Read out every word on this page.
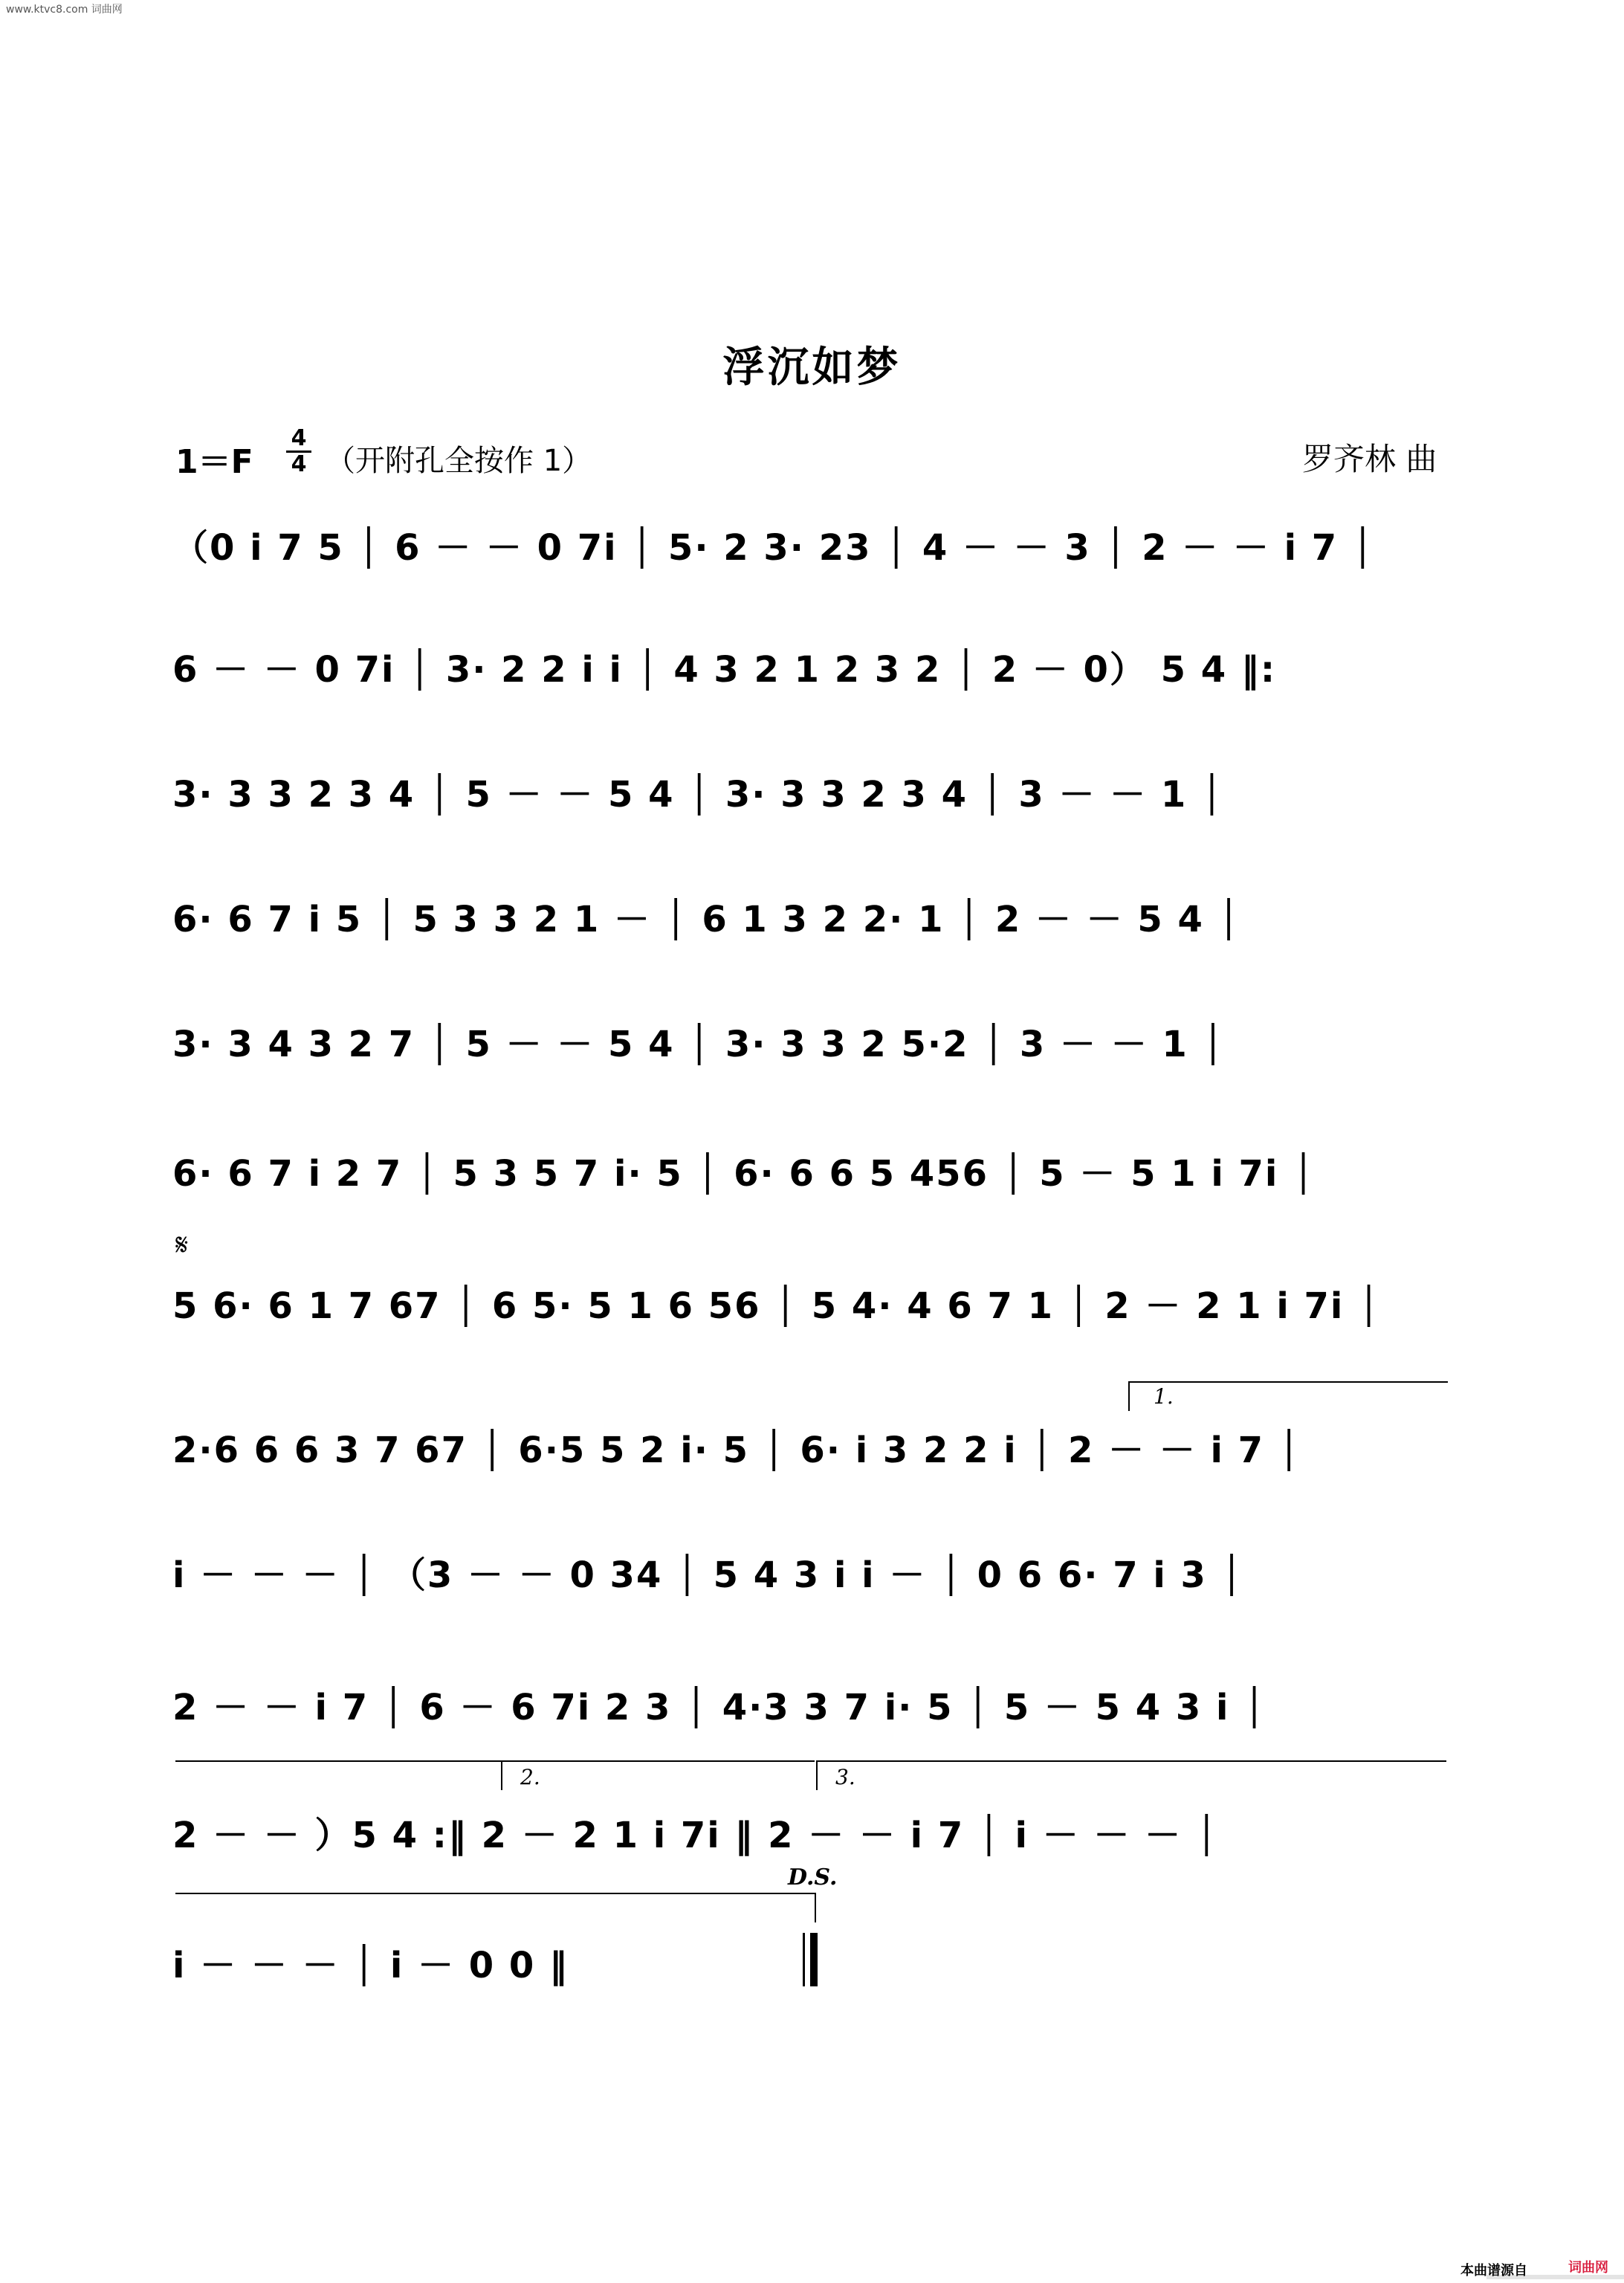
www.ktvc8.com 词曲网
浮沉如梦
1＝F
4
4 （开附孔全按作 1）	罗齐林 曲
（0 i 7 5 │ 6 － － 0 7i │ 5· 2 3· 23 │ 4 － － 3 │ 2 － － i 7 │
6 － － 0 7i │ 3· 2 2 i i │ 4 3 2 1 2 3 2 │ 2 － 0） 5 4 ‖:
3· 3 3 2 3 4 │ 5 － － 5 4 │ 3· 3 3 2 3 4 │ 3 － － 1 │
6· 6 7 i 5 │ 5 3 3 2 1 － │ 6 1 3 2 2· 1 │ 2 － － 5 4 │
3· 3 4 3 2 7 │ 5 － － 5 4 │ 3· 3 3 2 5·2 │ 3 － － 1 │
6· 6 7 i 2 7 │ 5 3 5 7 i· 5 │ 6· 6 6 5 456 │ 5 － 5 1 i 7i │
𝄋
5 6· 6 1 7 67 │ 6 5· 5 1 6 56 │ 5 4· 4 6 7 1 │ 2 － 2 1 i 7i │
2·6 6 6 3 7 67 │ 6·5 5 2 i· 5 │ 6· i 3 2 2 i │ 2 － － i 7 │
i － － － │ （3 － － 0 34 │ 5 4 3 i i － │ 0 6 6· 7 i 3 │
2 － － i 7 │ 6 － 6 7i 2 3 │ 4·3 3 7 i· 5 │ 5 － 5 4 3 i │
2 － － ）5 4 :‖ 2 － 2 1 i 7i ‖ 2 － － i 7 │ i － － － │
D.S.
i － － － │ i － 0 0 ‖
1.
2.	3.
本曲谱源自	词曲网
